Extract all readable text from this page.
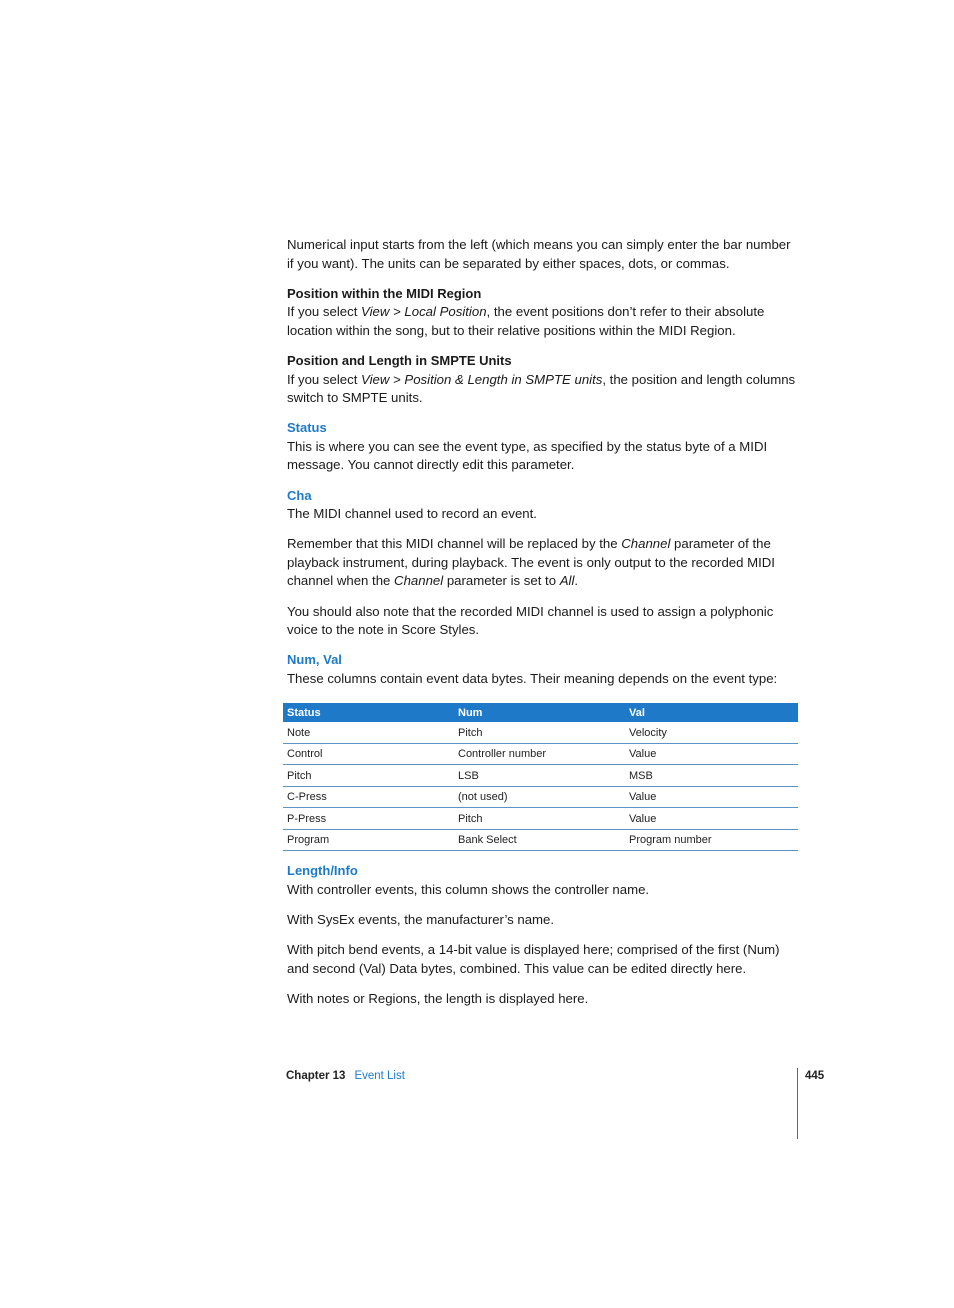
Numerical input starts from the left (which means you can simply enter the bar number if you want). The units can be separated by either spaces, dots, or commas.

Position within the MIDI Region

If you select View > Local Position, the event positions don’t refer to their absolute location within the song, but to their relative positions within the MIDI Region.

Position and Length in SMPTE Units

If you select View > Position & Length in SMPTE units, the position and length columns switch to SMPTE units.

Status

This is where you can see the event type, as specified by the status byte of a MIDI message. You cannot directly edit this parameter.

Cha

The MIDI channel used to record an event.

Remember that this MIDI channel will be replaced by the Channel parameter of the playback instrument, during playback. The event is only output to the recorded MIDI channel when the Channel parameter is set to All.

You should also note that the recorded MIDI channel is used to assign a polyphonic voice to the note in Score Styles.

Num, Val

These columns contain event data bytes. Their meaning depends on the event type:

Status	Num	Val
Note	Pitch	Velocity
Control	Controller number	Value
Pitch	LSB	MSB
C-Press	(not used)	Value
P-Press	Pitch	Value
Program	Bank Select	Program number

Length/Info

With controller events, this column shows the controller name.

With SysEx events, the manufacturer’s name.

With pitch bend events, a 14-bit value is displayed here; comprised of the first (Num) and second (Val) Data bytes, combined. This value can be edited directly here.

With notes or Regions, the length is displayed here.

Chapter 13 Event List	445
